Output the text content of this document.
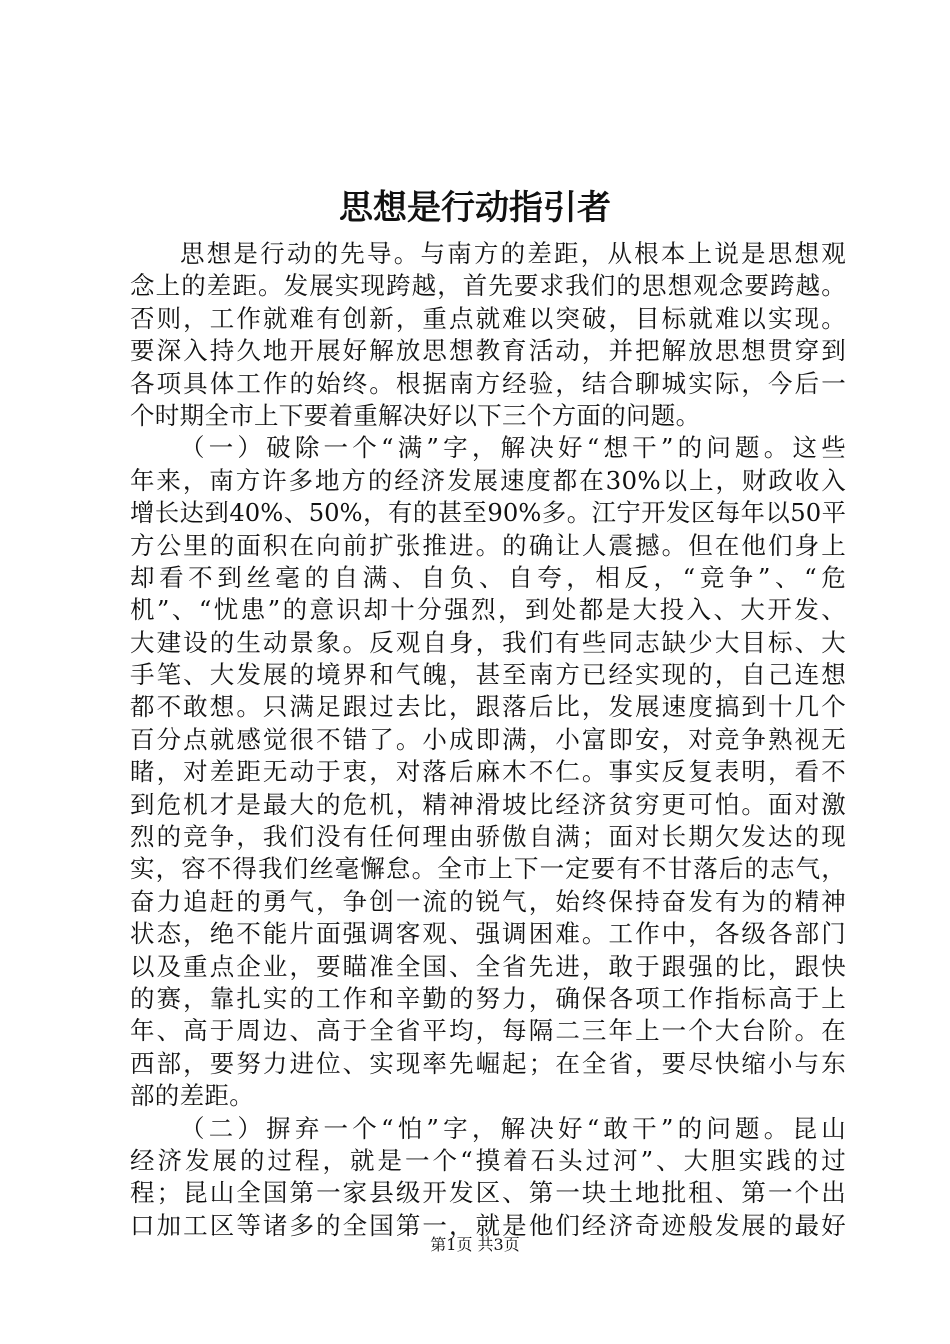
思想是行动指引者
思想是行动的先导。与南方的差距，从根本上说是思想观
念上的差距。发展实现跨越，首先要求我们的思想观念要跨越。
否则，工作就难有创新，重点就难以突破，目标就难以实现。
要深入持久地开展好解放思想教育活动，并把解放思想贯穿到
各项具体工作的始终。根据南方经验，结合聊城实际，今后一
个时期全市上下要着重解决好以下三个方面的问题。
（一）破除一个“满”字，解决好“想干”的问题。这些
年来，南方许多地方的经济发展速度都在30%以上，财政收入
增长达到40%、50%，有的甚至90%多。江宁开发区每年以50平
方公里的面积在向前扩张推进。的确让人震撼。但在他们身上
却看不到丝毫的自满、自负、自夸，相反，“竞争”、“危
机”、“忧患”的意识却十分强烈，到处都是大投入、大开发、
大建设的生动景象。反观自身，我们有些同志缺少大目标、大
手笔、大发展的境界和气魄，甚至南方已经实现的，自己连想
都不敢想。只满足跟过去比，跟落后比，发展速度搞到十几个
百分点就感觉很不错了。小成即满，小富即安，对竞争熟视无
睹，对差距无动于衷，对落后麻木不仁。事实反复表明，看不
到危机才是最大的危机，精神滑坡比经济贫穷更可怕。面对激
烈的竞争，我们没有任何理由骄傲自满；面对长期欠发达的现
实，容不得我们丝毫懈怠。全市上下一定要有不甘落后的志气，
奋力追赶的勇气，争创一流的锐气，始终保持奋发有为的精神
状态，绝不能片面强调客观、强调困难。工作中，各级各部门
以及重点企业，要瞄准全国、全省先进，敢于跟强的比，跟快
的赛，靠扎实的工作和辛勤的努力，确保各项工作指标高于上
年、高于周边、高于全省平均，每隔二三年上一个大台阶。在
西部，要努力进位、实现率先崛起；在全省，要尽快缩小与东
部的差距。
（二）摒弃一个“怕”字，解决好“敢干”的问题。昆山
经济发展的过程，就是一个“摸着石头过河”、大胆实践的过
程；昆山全国第一家县级开发区、第一块土地批租、第一个出
口加工区等诸多的全国第一，就是他们经济奇迹般发展的最好
第1页 共3页
